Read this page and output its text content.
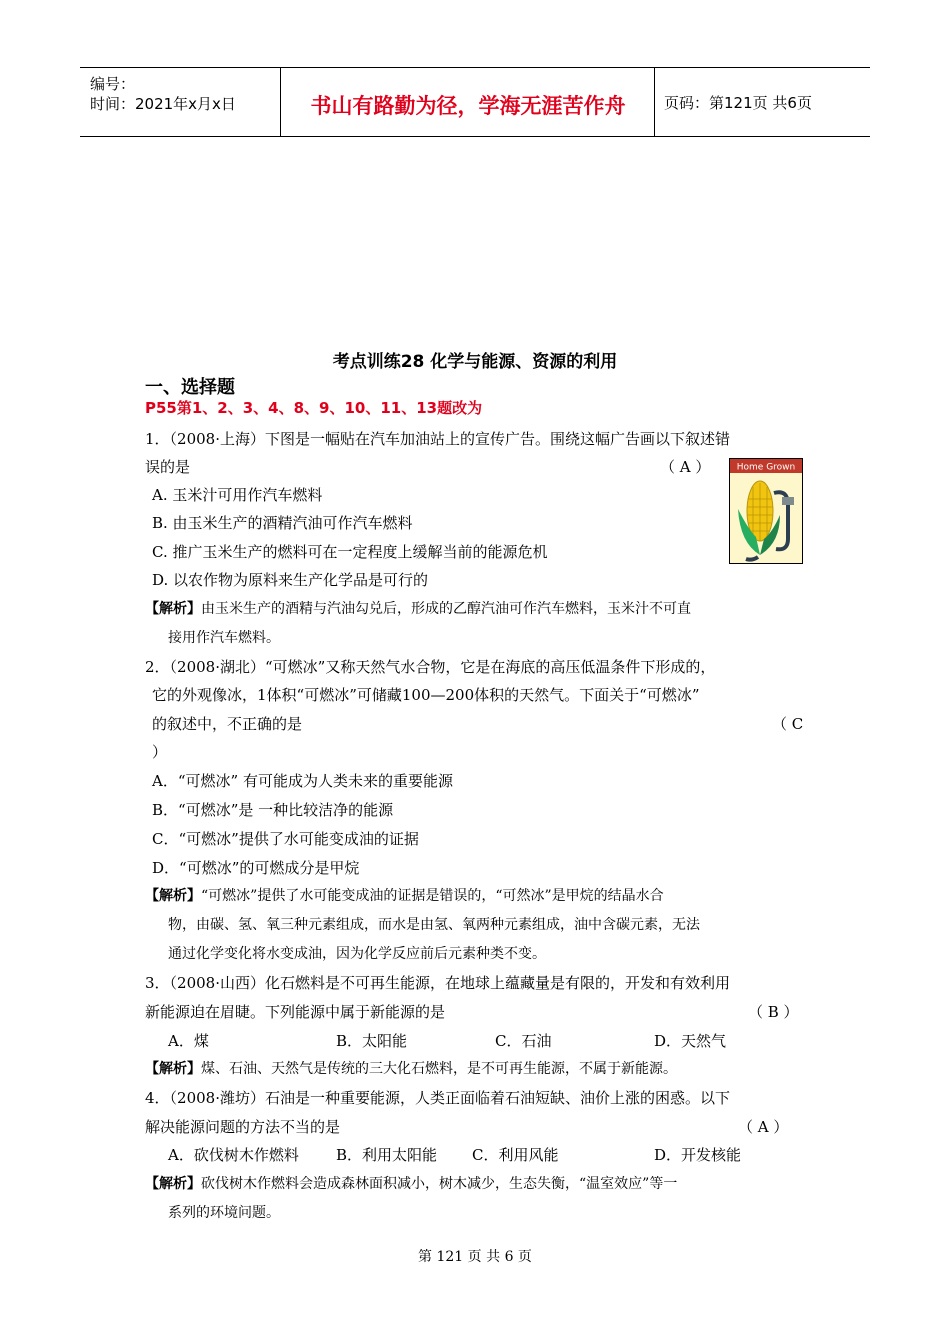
编号：
时间：2021年x月x日	书山有路勤为径，学海无涯苦作舟	页码：第121页 共6页
考点训练28 化学与能源、资源的利用
一、选择题
P55第1、2、3、4、8、9、10、11、13题改为
1．（2008·上海）下图是一幅贴在汽车加油站上的宣传广告。围绕这幅广告画以下叙述错
误的是	（ A ）	Home Grown
A. 玉米汁可用作汽车燃料
B. 由玉米生产的酒精汽油可作汽车燃料
C. 推广玉米生产的燃料可在一定程度上缓解当前的能源危机
D. 以农作物为原料来生产化学品是可行的
【解析】由玉米生产的酒精与汽油勾兑后，形成的乙醇汽油可作汽车燃料，玉米汁不可直
接用作汽车燃料。
2．（2008·湖北）“可燃冰”又称天然气水合物，它是在海底的高压低温条件下形成的，
它的外观像冰，1体积“可燃冰”可储藏100—200体积的天然气。下面关于“可燃冰”
的叙述中，不正确的是	（ C
）
A．“可燃冰” 有可能成为人类未来的重要能源
B．“可燃冰”是 一种比较洁净的能源
C．“可燃冰”提供了水可能变成油的证据
D．“可燃冰”的可燃成分是甲烷
【解析】“可燃冰”提供了水可能变成油的证据是错误的，“可然冰”是甲烷的结晶水合
物，由碳、氢、氧三种元素组成，而水是由氢、氧两种元素组成，油中含碳元素，无法
通过化学变化将水变成油，因为化学反应前后元素种类不变。
3．（2008·山西）化石燃料是不可再生能源，在地球上蕴藏量是有限的，开发和有效利用
新能源迫在眉睫。下列能源中属于新能源的是	（ B ）
A．煤	B．太阳能	C．石油	D．天然气
【解析】煤、石油、天然气是传统的三大化石燃料，是不可再生能源，不属于新能源。
4．（2008·潍坊）石油是一种重要能源，人类正面临着石油短缺、油价上涨的困惑。以下
解决能源问题的方法不当的是	（ A ）
A．砍伐树木作燃料 B．利用太阳能 C．利用风能	D．开发核能
【解析】砍伐树木作燃料会造成森林面积减小，树木减少，生态失衡，“温室效应”等一
系列的环境问题。
第 121 页 共 6 页
